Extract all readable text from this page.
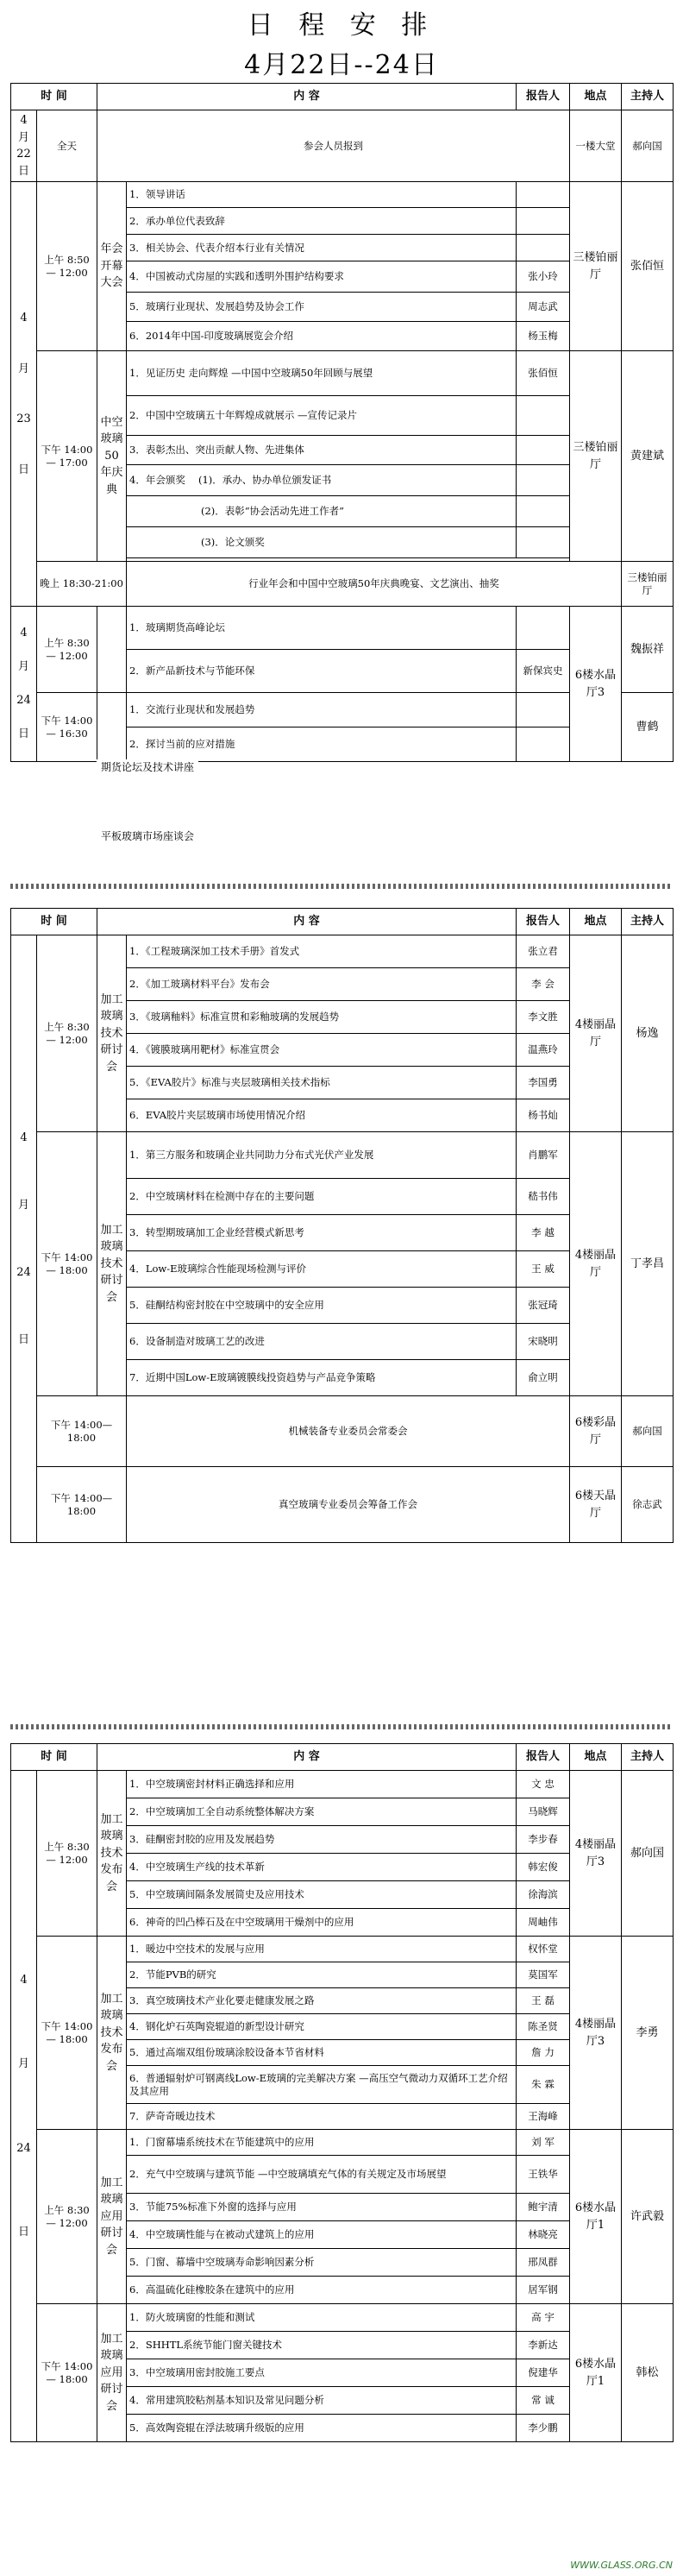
日 程 安 排
4月22日--24日
时 间		内 容		报告人	地点	主持人	
4 月 22 日	全天	参会人员报到			一楼大堂	郝向国	
4

月

23

日	上午 8:50 — 12:00	年会开幕大会	1．领导讲话		三楼铂丽厅	张佰恒	
			2．承办单位代表致辞				
			3．相关协会、代表介绍本行业有关情况				
			4．中国被动式房屋的实践和透明外围护结构要求	张小玲			
			5．玻璃行业现状、发展趋势及协会工作	周志武			
			6．2014年中国-印度玻璃展览会介绍	杨玉梅			
	下午 14:00 — 17:00	中空玻璃50年庆典	1．见证历史 走向辉煌 —中国中空玻璃50年回顾与展望	张佰恒	三楼铂丽厅	黄建斌	
			2．中国中空玻璃五十年辉煌成就展示 —宣传记录片				
			3．表彰杰出、突出贡献人物、先进集体				
			4．年会颁奖 (1)．承办、协办单位颁发证书				
			(2)．表彰“协会活动先进工作者”				
			(3)．论文颁奖				

	晚上 18:30-21:00		行业年会和中国中空玻璃50年庆典晚宴、文艺演出、抽奖			三楼铂丽厅	
4

月

24

日	上午 8:30 — 12:00		1．玻璃期货高峰论坛		6楼水晶厅3	魏振祥	
			2．新产品新技术与节能环保	新保宾史			
	下午 14:00 — 16:30		1．交流行业现状和发展趋势			曹鹤	
			2．探讨当前的应对措施				
期货论坛及技术讲座
平板玻璃市场座谈会
时 间		内 容		报告人	地点	主持人
4

月

24

日	上午 8:30 — 12:00	加工玻璃技术研讨会	1．《工程玻璃深加工技术手册》首发式	张立君	4楼丽晶厅	杨逸
			2．《加工玻璃材料平台》发布会	李 会		
			3．《玻璃釉料》标准宣贯和彩釉玻璃的发展趋势	李文胜		
			4．《镀膜玻璃用靶材》标准宣贯会	温燕玲		
			5．《EVA胶片》标准与夹层玻璃相关技术指标	李国勇		
			6．EVA胶片夹层玻璃市场使用情况介绍	杨书灿		
	下午 14:00 — 18:00	加工玻璃技术研讨会	1．第三方服务和玻璃企业共同助力分布式光伏产业发展	肖鹏军	4楼丽晶厅	丁孝昌
			2．中空玻璃材料在检测中存在的主要问题	嵇书伟		
			3．转型期玻璃加工企业经营模式新思考	李 越		
			4．Low-E玻璃综合性能现场检测与评价	王 威		
			5．硅酮结构密封胶在中空玻璃中的安全应用	张冠琦		
			6．设备制造对玻璃工艺的改进	宋晓明		
			7．近期中国Low-E玻璃镀膜线投资趋势与产品竞争策略	俞立明		
	下午 14:00—18:00		机械装备专业委员会常委会		6楼彩晶厅	郝向国
	下午 14:00—18:00		真空玻璃专业委员会筹备工作会		6楼天晶厅	徐志武
时 间		内 容		报告人	地点	主持人
4

月

24

日	上午 8:30 — 12:00	加工玻璃技术发布会	1．中空玻璃密封材料正确选择和应用	文 忠	4楼丽晶厅3	郝向国
			2．中空玻璃加工全自动系统整体解决方案	马晓辉		
			3．硅酮密封胶的应用及发展趋势	李步春		
			4．中空玻璃生产线的技术革新	韩宏俊		
			5．中空玻璃间隔条发展简史及应用技术	徐海滨		
			6．神奇的凹凸棒石及在中空玻璃用干燥剂中的应用	周岫伟		
	下午 14:00 — 18:00	加工玻璃技术发布会	1．暖边中空技术的发展与应用	权怀堂	4楼丽晶厅3	李勇
			2．节能PVB的研究	莫国军		
			3．真空玻璃技术产业化要走健康发展之路	王 磊		
			4．钢化炉石英陶瓷辊道的新型设计研究	陈圣贤		
			5．通过高端双组份玻璃涂胶设备本节省材料	詹 力		
			6．普通辐射炉可钢离线Low-E玻璃的完美解决方案 —高压空气微动力双循环工艺介绍及其应用	朱 霖		
			7．萨奇奇暖边技术	王海峰		
	上午 8:30 — 12:00	加工玻璃应用研讨会	1．门窗幕墙系统技术在节能建筑中的应用	刘 军	6楼水晶厅1	许武毅
			2．充气中空玻璃与建筑节能 —中空玻璃填充气体的有关规定及市场展望	王铁华		
			3．节能75%标准下外窗的选择与应用	鲍宇清		
			4．中空玻璃性能与在被动式建筑上的应用	林晓亮		
			5．门窗、幕墙中空玻璃寿命影响因素分析	邢凤群		
			6．高温硫化硅橡胶条在建筑中的应用	居军钢		
	下午 14:00 — 18:00	加工玻璃应用研讨会	1．防火玻璃窗的性能和测试	高 宇	6楼水晶厅1	韩松
			2．SHHTL系统节能门窗关键技术	李新达		
			3．中空玻璃用密封胶施工要点	倪建华		
			4．常用建筑胶粘剂基本知识及常见问题分析	常 诚		
			5．高效陶瓷辊在浮法玻璃升级版的应用	李少鹏		
WWW.GLASS.ORG.CN
